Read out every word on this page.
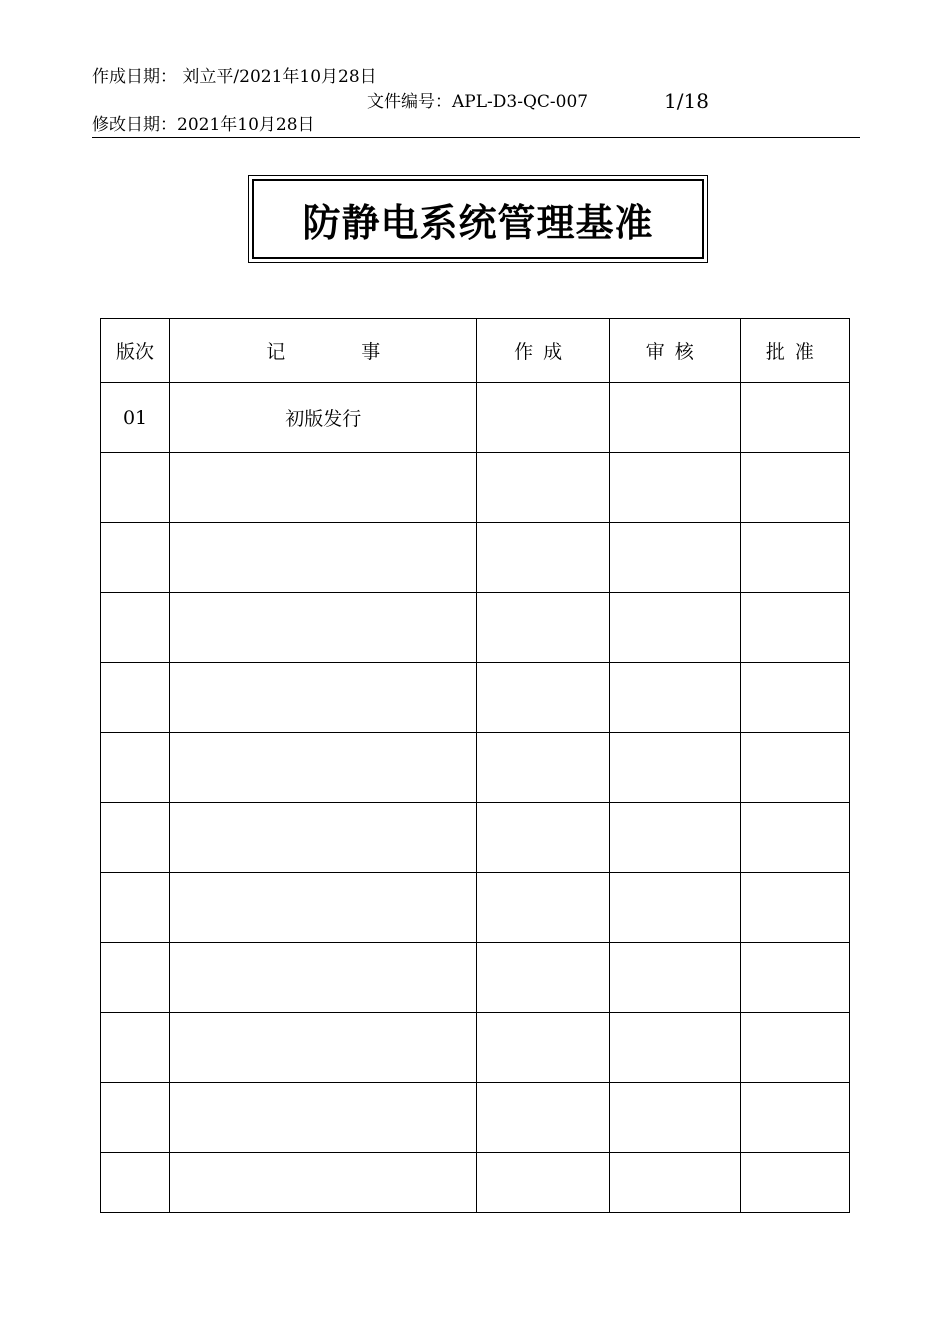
作成日期： 刘立平/2021年10月28日
文件编号：APL-D3-QC-007	1/18
修改日期：2021年10月28日
防静电系统管理基准
版次	记事	作成	审核	批准
01	初版发行			
